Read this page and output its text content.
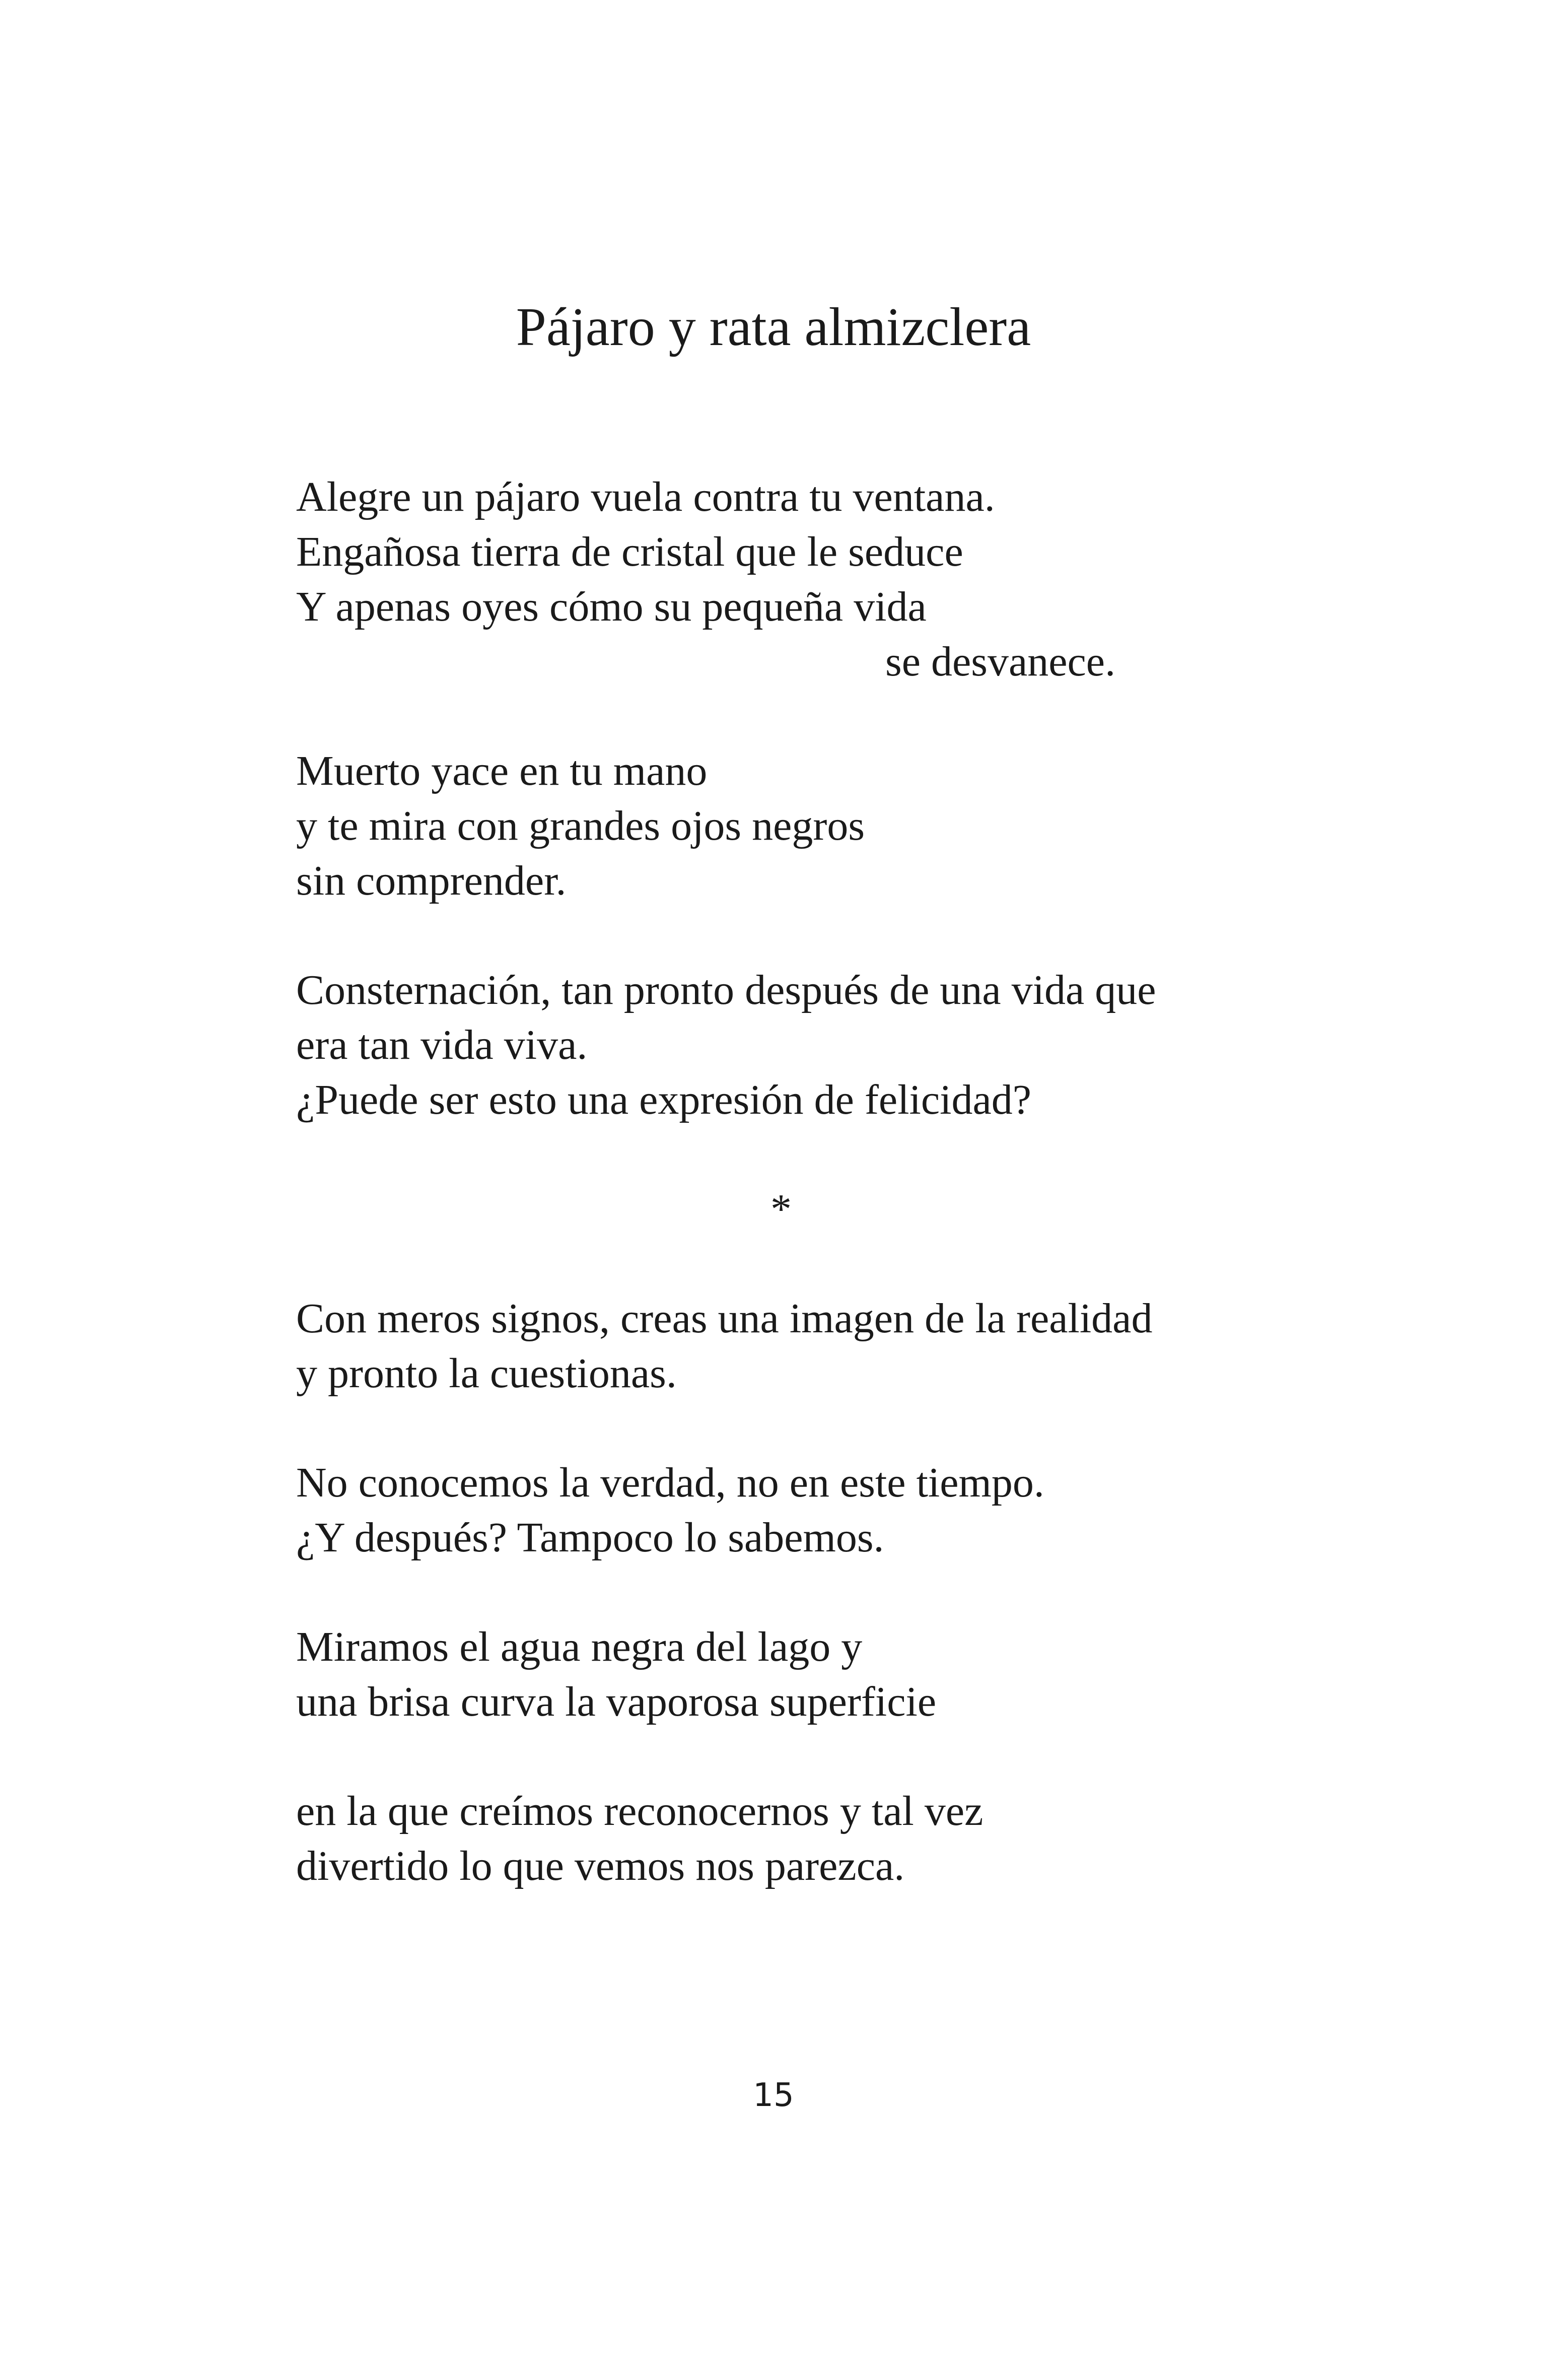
Pájaro y rata almizclera
Alegre un pájaro vuela contra tu ventana.
Engañosa tierra de cristal que le seduce
Y apenas oyes cómo su pequeña vida
se desvanece.
Muerto yace en tu mano
y te mira con grandes ojos negros
sin comprender.
Consternación, tan pronto después de una vida que
era tan vida viva.
¿Puede ser esto una expresión de felicidad?
*
Con meros signos, creas una imagen de la realidad
y pronto la cuestionas.
No conocemos la verdad, no en este tiempo.
¿Y después? Tampoco lo sabemos.
Miramos el agua negra del lago y
una brisa curva la vaporosa superficie
en la que creímos reconocernos y tal vez
divertido lo que vemos nos parezca.
15
